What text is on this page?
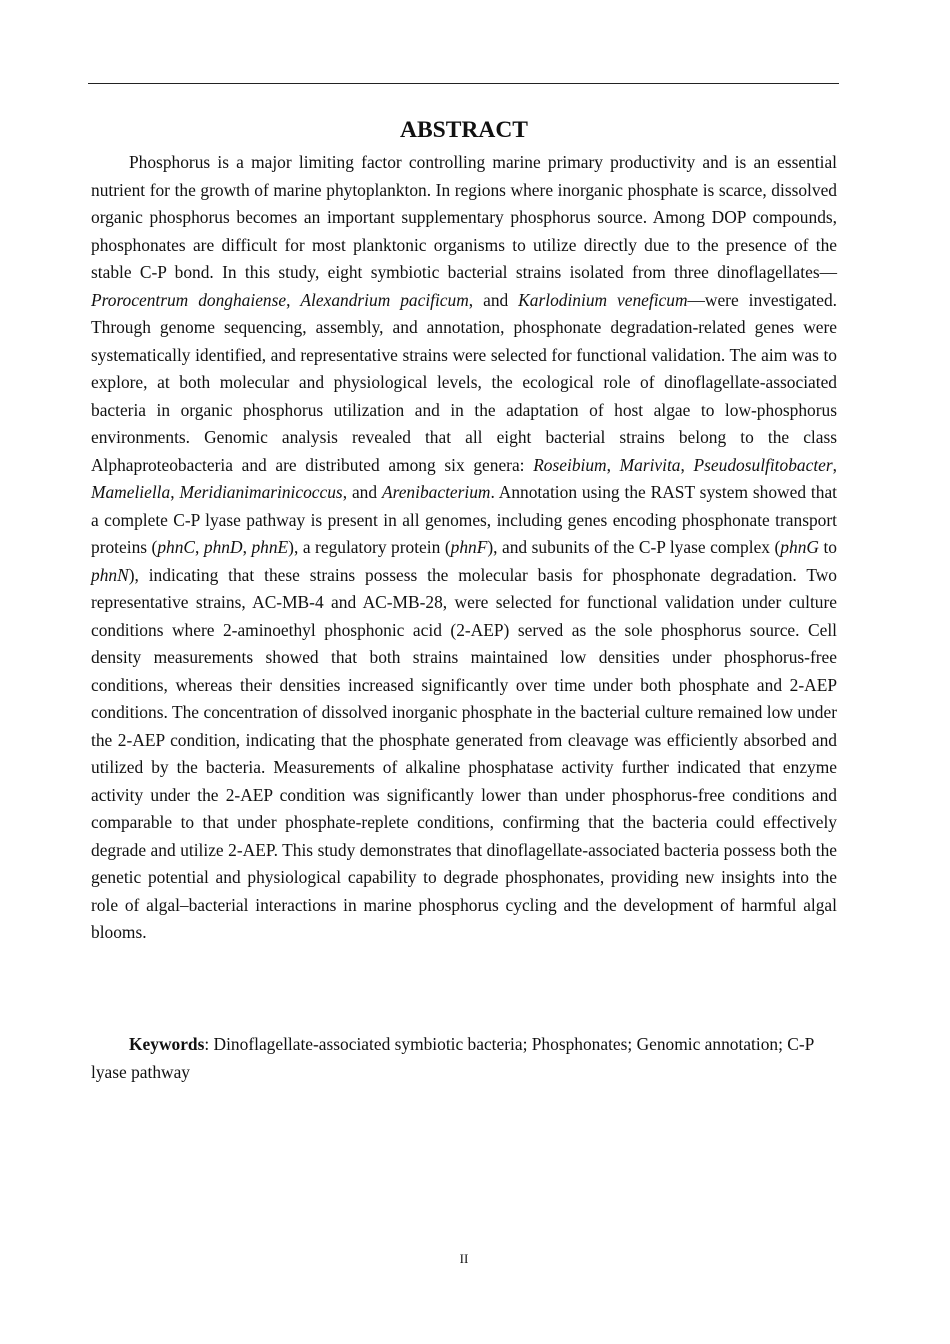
ABSTRACT

Phosphorus is a major limiting factor controlling marine primary productivity and is an essential nutrient for the growth of marine phytoplankton. In regions where inorganic phosphate is scarce, dissolved organic phosphorus becomes an important supplementary phosphorus source. Among DOP compounds, phosphonates are difficult for most planktonic organisms to utilize directly due to the presence of the stable C-P bond. In this study, eight symbiotic bacterial strains isolated from three dinoflagellates—Prorocentrum donghaiense, Alexandrium pacificum, and Karlodinium veneficum—were investigated. Through genome sequencing, assembly, and annotation, phosphonate degradation-related genes were systematically identified, and representative strains were selected for functional validation. The aim was to explore, at both molecular and physiological levels, the ecological role of dinoflagellate-associated bacteria in organic phosphorus utilization and in the adaptation of host algae to low-phosphorus environments. Genomic analysis revealed that all eight bacterial strains belong to the class Alphaproteobacteria and are distributed among six genera: Roseibium, Marivita, Pseudosulfitobacter, Mameliella, Meridianimarinicoccus, and Arenibacterium. Annotation using the RAST system showed that a complete C-P lyase pathway is present in all genomes, including genes encoding phosphonate transport proteins (phnC, phnD, phnE), a regulatory protein (phnF), and subunits of the C-P lyase complex (phnG to phnN), indicating that these strains possess the molecular basis for phosphonate degradation. Two representative strains, AC-MB-4 and AC-MB-28, were selected for functional validation under culture conditions where 2-aminoethyl phosphonic acid (2-AEP) served as the sole phosphorus source. Cell density measurements showed that both strains maintained low densities under phosphorus-free conditions, whereas their densities increased significantly over time under both phosphate and 2-AEP conditions. The concentration of dissolved inorganic phosphate in the bacterial culture remained low under the 2-AEP condition, indicating that the phosphate generated from cleavage was efficiently absorbed and utilized by the bacteria. Measurements of alkaline phosphatase activity further indicated that enzyme activity under the 2-AEP condition was significantly lower than under phosphorus-free conditions and comparable to that under phosphate-replete conditions, confirming that the bacteria could effectively degrade and utilize 2-AEP. This study demonstrates that dinoflagellate-associated bacteria possess both the genetic potential and physiological capability to degrade phosphonates, providing new insights into the role of algal–bacterial interactions in marine phosphorus cycling and the development of harmful algal blooms.

Keywords: Dinoflagellate-associated symbiotic bacteria; Phosphonates; Genomic annotation; C-P lyase pathway

II
